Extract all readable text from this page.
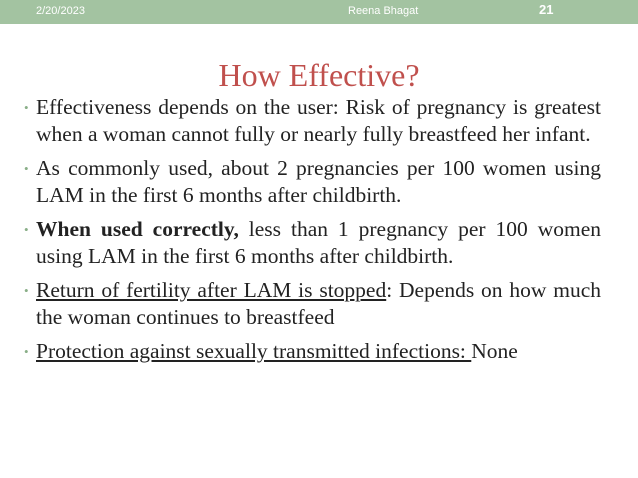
2/20/2023	Reena Bhagat	21
How Effective?
• Effectiveness depends on the user: Risk of pregnancy is greatest when a woman cannot fully or nearly fully breastfeed her infant.
• As commonly used, about 2 pregnancies per 100 women using LAM in the first 6 months after childbirth.
• When used correctly, less than 1 pregnancy per 100 women using LAM in the first 6 months after childbirth.
• Return of fertility after LAM is stopped: Depends on how much the woman continues to breastfeed
• Protection against sexually transmitted infections: None
